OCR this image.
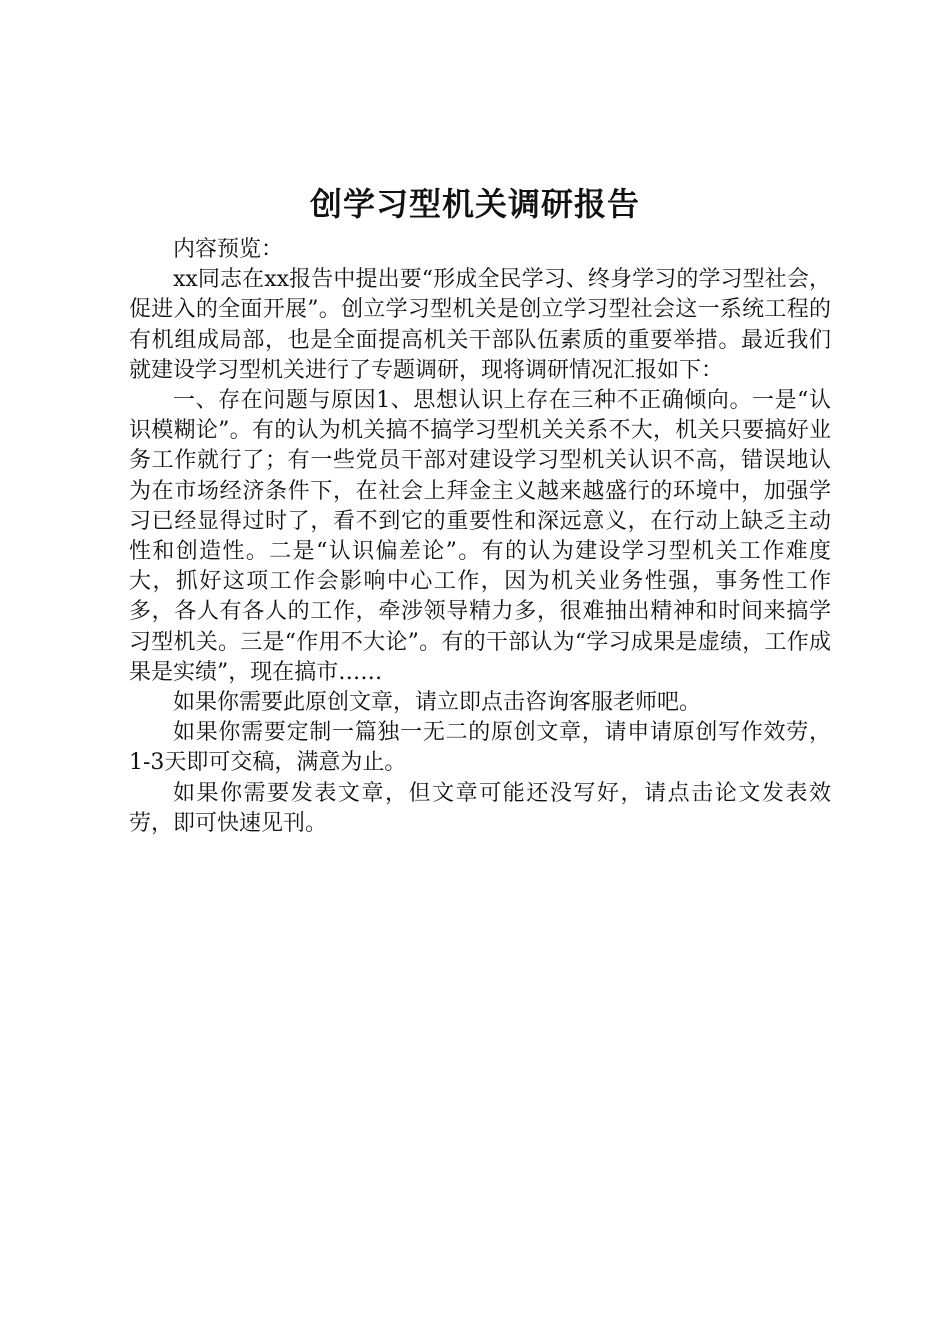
创学习型机关调研报告

内容预览：

xx同志在xx报告中提出要“形成全民学习、终身学习的学习型社会，促进入的全面开展”。创立学习型机关是创立学习型社会这一系统工程的有机组成局部，也是全面提高机关干部队伍素质的重要举措。最近我们就建设学习型机关进行了专题调研，现将调研情况汇报如下：

一、存在问题与原因1、思想认识上存在三种不正确倾向。一是“认识模糊论”。有的认为机关搞不搞学习型机关关系不大，机关只要搞好业务工作就行了；有一些党员干部对建设学习型机关认识不高，错误地认为在市场经济条件下，在社会上拜金主义越来越盛行的环境中，加强学习已经显得过时了，看不到它的重要性和深远意义，在行动上缺乏主动性和创造性。二是“认识偏差论”。有的认为建设学习型机关工作难度大，抓好这项工作会影响中心工作，因为机关业务性强，事务性工作多，各人有各人的工作，牵涉领导精力多，很难抽出精神和时间来搞学习型机关。三是“作用不大论”。有的干部认为“学习成果是虚绩，工作成果是实绩”，现在搞市……

如果你需要此原创文章，请立即点击咨询客服老师吧。

如果你需要定制一篇独一无二的原创文章，请申请原创写作效劳，1-3天即可交稿，满意为止。

如果你需要发表文章，但文章可能还没写好，请点击论文发表效劳，即可快速见刊。
